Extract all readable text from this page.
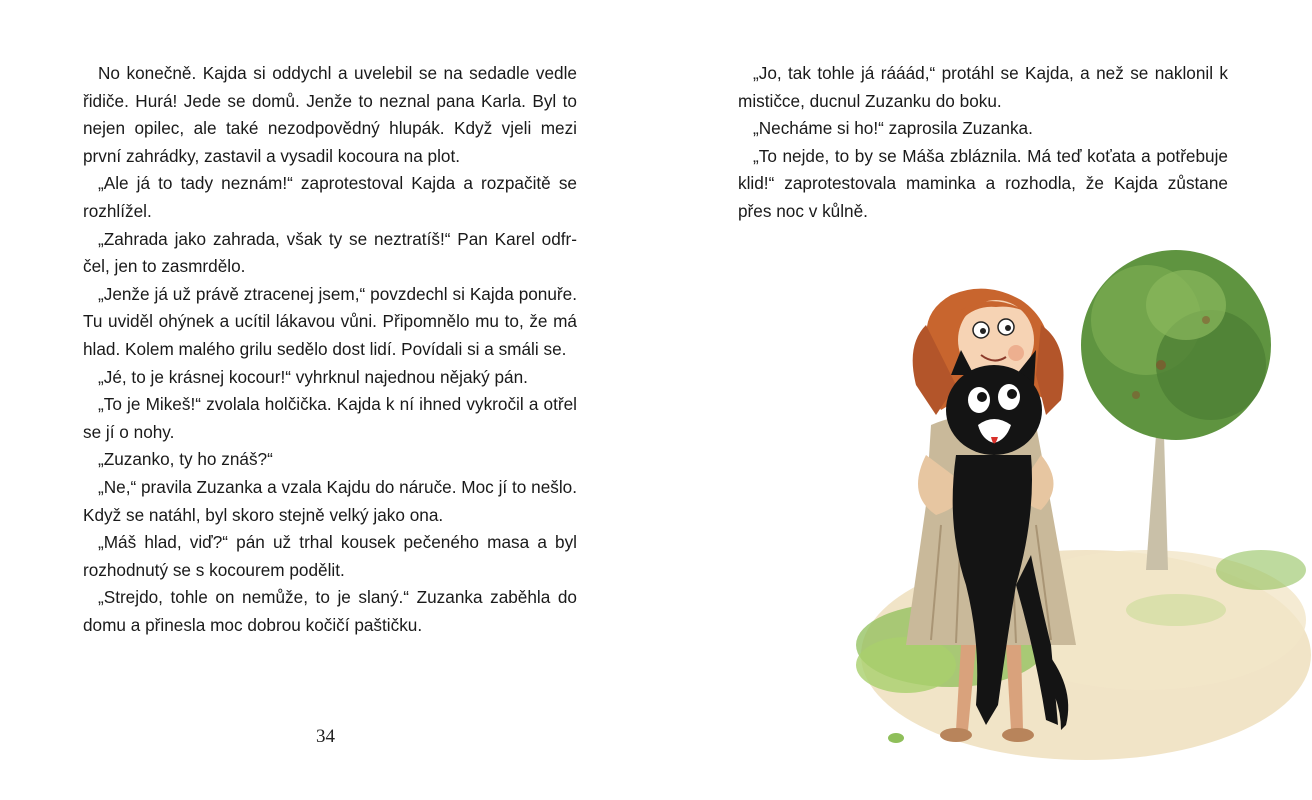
No konečně. Kajda si oddychl a uvelebil se na sedadle vedle řidiče. Hurá! Jede se domů. Jenže to neznal pana Karla. Byl to nejen opilec, ale také nezodpovědný hlupák. Když vjeli mezi první zahrádky, zastavil a vysadil kocoura na plot.

„Ale já to tady neznám!“ zaprotestoval Kajda a rozpačitě se rozhlížel.

„Zahrada jako zahrada, však ty se neztratíš!“ Pan Karel odfrčel, jen to zasmrdělo.

„Jenže já už právě ztracenej jsem,“ povzdechl si Kajda ponuře. Tu uviděl ohýnek a ucítil lákavou vůni. Připomnělo mu to, že má hlad. Kolem malého grilu sedělo dost lidí. Povídali si a smáli se.

„Jé, to je krásnej kocour!“ vyhrknul najednou nějaký pán.

„To je Mikeš!“ zvolala holčička. Kajda k ní ihned vykročil a otřel se jí o nohy.

„Zuzanko, ty ho znáš?“

„Ne,“ pravila Zuzanka a vzala Kajdu do náruče. Moc jí to nešlo. Když se natáhl, byl skoro stejně velký jako ona.

„Máš hlad, viď?“ pán už trhal kousek pečeného masa a byl rozhodnutý se s kocourem podělit.

„Strejdo, tohle on nemůže, to je slaný.“ Zuzanka zaběhla do domu a přinesla moc dobrou kočičí paštičku.

34

„Jo, tak tohle já rááád,“ protáhl se Kajda, a než se naklonil k mističce, ducnul Zuzanku do boku.

„Necháme si ho!“ zaprosila Zuzanka.

„To nejde, to by se Máša zbláznila. Má teď koťata a potřebuje klid!“ zaprotestovala maminka a rozhodla, že Kajda zůstane přes noc v kůlně.
